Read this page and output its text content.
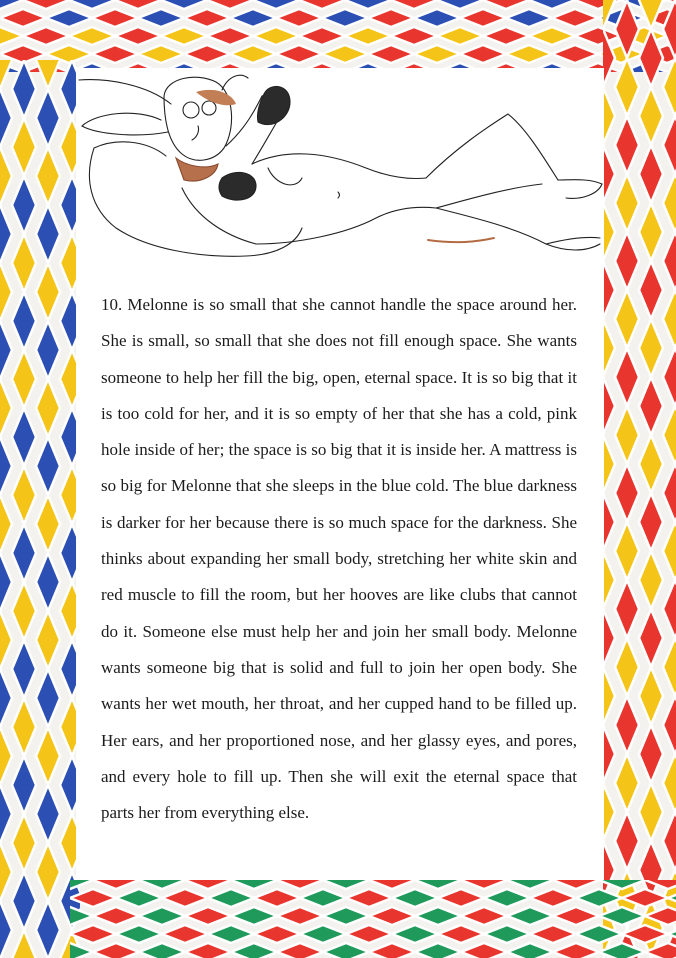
10. Melonne is so small that she cannot handle the space around her. She is small, so small that she does not fill enough space. She wants someone to help her fill the big, open, eternal space. It is so big that it is too cold for her, and it is so empty of her that she has a cold, pink hole inside of her; the space is so big that it is inside her. A mattress is so big for Melonne that she sleeps in the blue cold. The blue darkness is darker for her because there is so much space for the darkness. She thinks about expanding her small body, stretching her white skin and red muscle to fill the room, but her hooves are like clubs that cannot do it. Someone else must help her and join her small body. Melonne wants someone big that is solid and full to join her open body. She wants her wet mouth, her throat, and her cupped hand to be filled up. Her ears, and her proportioned nose, and her glassy eyes, and pores, and every hole to fill up. Then she will exit the eternal space that parts her from everything else.
